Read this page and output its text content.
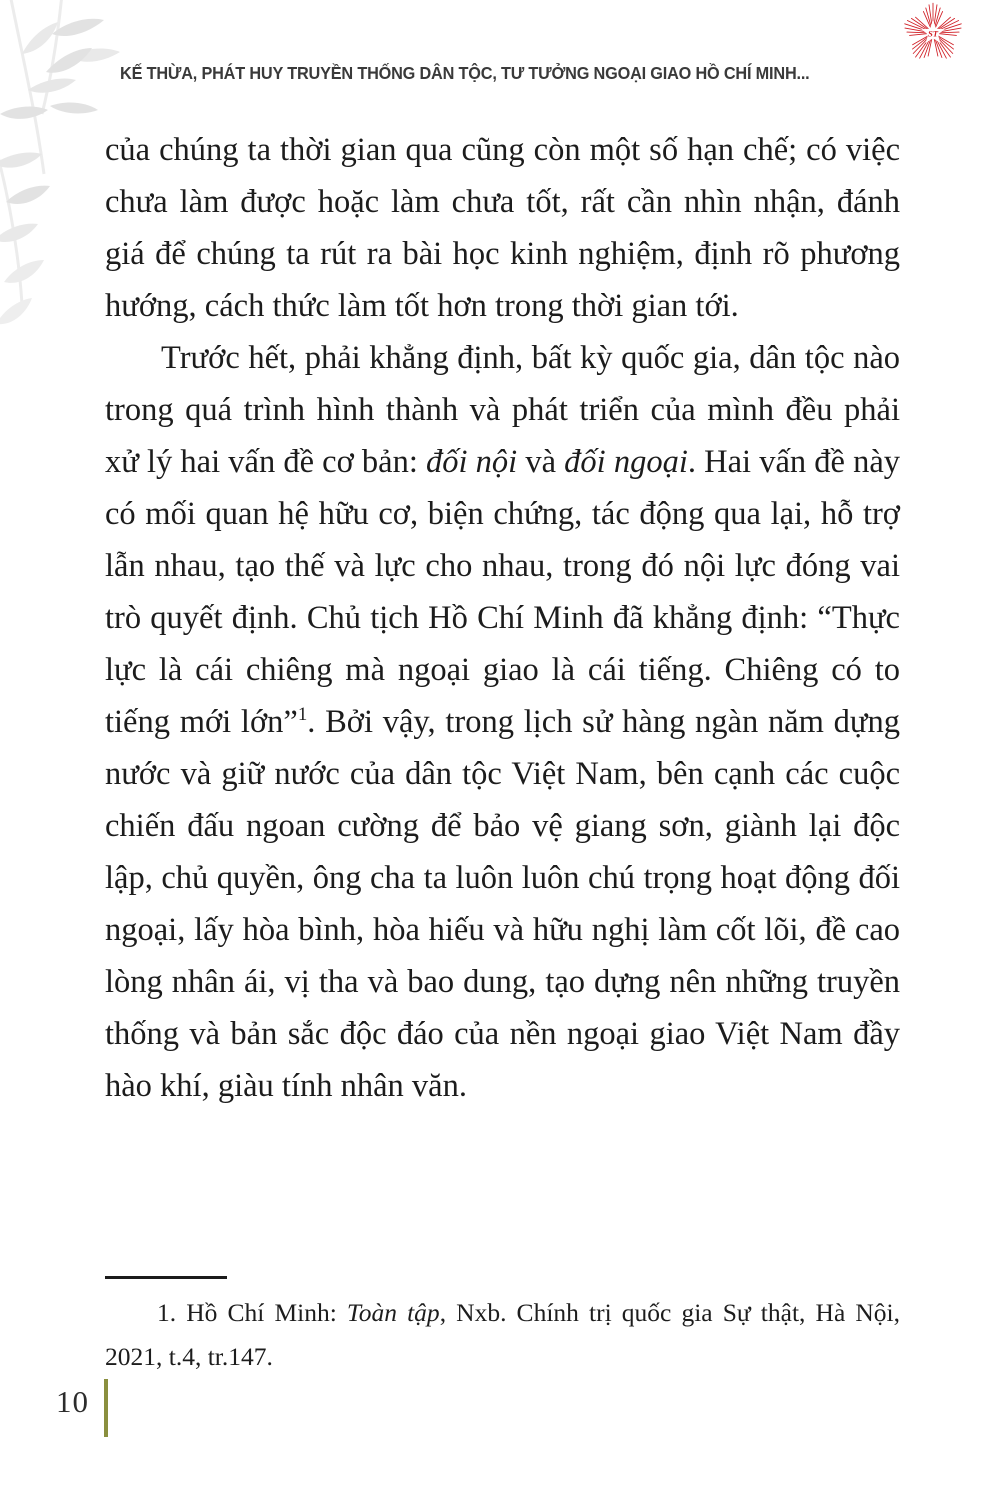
ST
KẾ THỪA, PHÁT HUY TRUYỀN THỐNG DÂN TỘC, TƯ TƯỞNG NGOẠI GIAO HỒ CHÍ MINH...

của chúng ta thời gian qua cũng còn một số hạn chế; có việc chưa làm được hoặc làm chưa tốt, rất cần nhìn nhận, đánh giá để chúng ta rút ra bài học kinh nghiệm, định rõ phương hướng, cách thức làm tốt hơn trong thời gian tới.

Trước hết, phải khẳng định, bất kỳ quốc gia, dân tộc nào trong quá trình hình thành và phát triển của mình đều phải xử lý hai vấn đề cơ bản: đối nội và đối ngoại. Hai vấn đề này có mối quan hệ hữu cơ, biện chứng, tác động qua lại, hỗ trợ lẫn nhau, tạo thế và lực cho nhau, trong đó nội lực đóng vai trò quyết định. Chủ tịch Hồ Chí Minh đã khẳng định: “Thực lực là cái chiêng mà ngoại giao là cái tiếng. Chiêng có to tiếng mới lớn”$^1$. Bởi vậy, trong lịch sử hàng ngàn năm dựng nước và giữ nước của dân tộc Việt Nam, bên cạnh các cuộc chiến đấu ngoan cường để bảo vệ giang sơn, giành lại độc lập, chủ quyền, ông cha ta luôn luôn chú trọng hoạt động đối ngoại, lấy hòa bình, hòa hiếu và hữu nghị làm cốt lõi, đề cao lòng nhân ái, vị tha và bao dung, tạo dựng nên những truyền thống và bản sắc độc đáo của nền ngoại giao Việt Nam đầy hào khí, giàu tính nhân văn.

1. Hồ Chí Minh: Toàn tập, Nxb. Chính trị quốc gia Sự thật, Hà Nội, 2021, t.4, tr.147.

10
